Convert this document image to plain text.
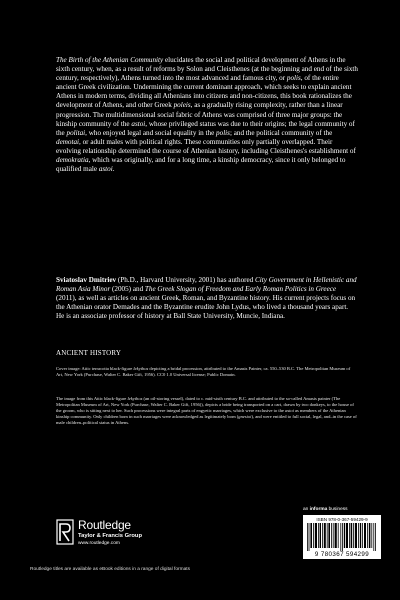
The Birth of the Athenian Community elucidates the social and political development of Athens in the sixth century, when, as a result of reforms by Solon and Cleisthenes (at the beginning and end of the sixth century, respectively), Athens turned into the most advanced and famous city, or polis, of the entire ancient Greek civilization. Undermining the current dominant approach, which seeks to explain ancient Athens in modern terms, dividing all Athenians into citizens and non-citizens, this book rationalizes the development of Athens, and other Greek poleis, as a gradually rising complexity, rather than a linear progression. The multidimensional social fabric of Athens was comprised of three major groups: the kinship community of the astoi, whose privileged status was due to their origins; the legal community of the politai, who enjoyed legal and social equality in the polis; and the political community of the demotai, or adult males with political rights. These communities only partially overlapped. Their evolving relationship determined the course of Athenian history, including Cleisthenes's establishment of demokratia, which was originally, and for a long time, a kinship democracy, since it only belonged to qualified male astoi.

Sviatoslav Dmitriev (Ph.D., Harvard University, 2001) has authored City Government in Hellenistic and Roman Asia Minor (2005) and The Greek Slogan of Freedom and Early Roman Politics in Greece (2011), as well as articles on ancient Greek, Roman, and Byzantine history. His current projects focus on the Athenian orator Demades and the Byzantine erudite John Lydus, who lived a thousand years apart. He is an associate professor of history at Ball State University, Muncie, Indiana.

ANCIENT HISTORY

Cover image: Attic terracotta black-figure lekythos depicting a bridal procession, attributed to the Amasis Painter, ca. 550–530 B.C. The Metropolitan Museum of Art, New York (Purchase, Walter C. Baker Gift, 1956). CC0 1.0 Universal license; Public Domain.

The image from this Attic black-figure lekythos (an oil-storing vessel), dated to c. mid-sixth century B.C. and attributed to the so-called Amasis painter (The Metropolitan Museum of Art, New York (Purchase, Walter C. Baker Gift, 1956)), depicts a bride being transported on a cart, drawn by two donkeys, to the house of the groom, who is sitting next to her. Such processions were integral parts of engyetic marriages, which were exclusive to the astoi as members of the Athenian kinship community. Only children born in such marriages were acknowledged as legitimately born (gnesioi), and were entitled to full social, legal, and–in the case of male children–political status in Athens.

an informa business
Routledge
Taylor & Francis Group
www.routledge.com
ISBN 978-0-367-59429-9
9 780367 594299
Routledge titles are available as eBook editions in a range of digital formats
